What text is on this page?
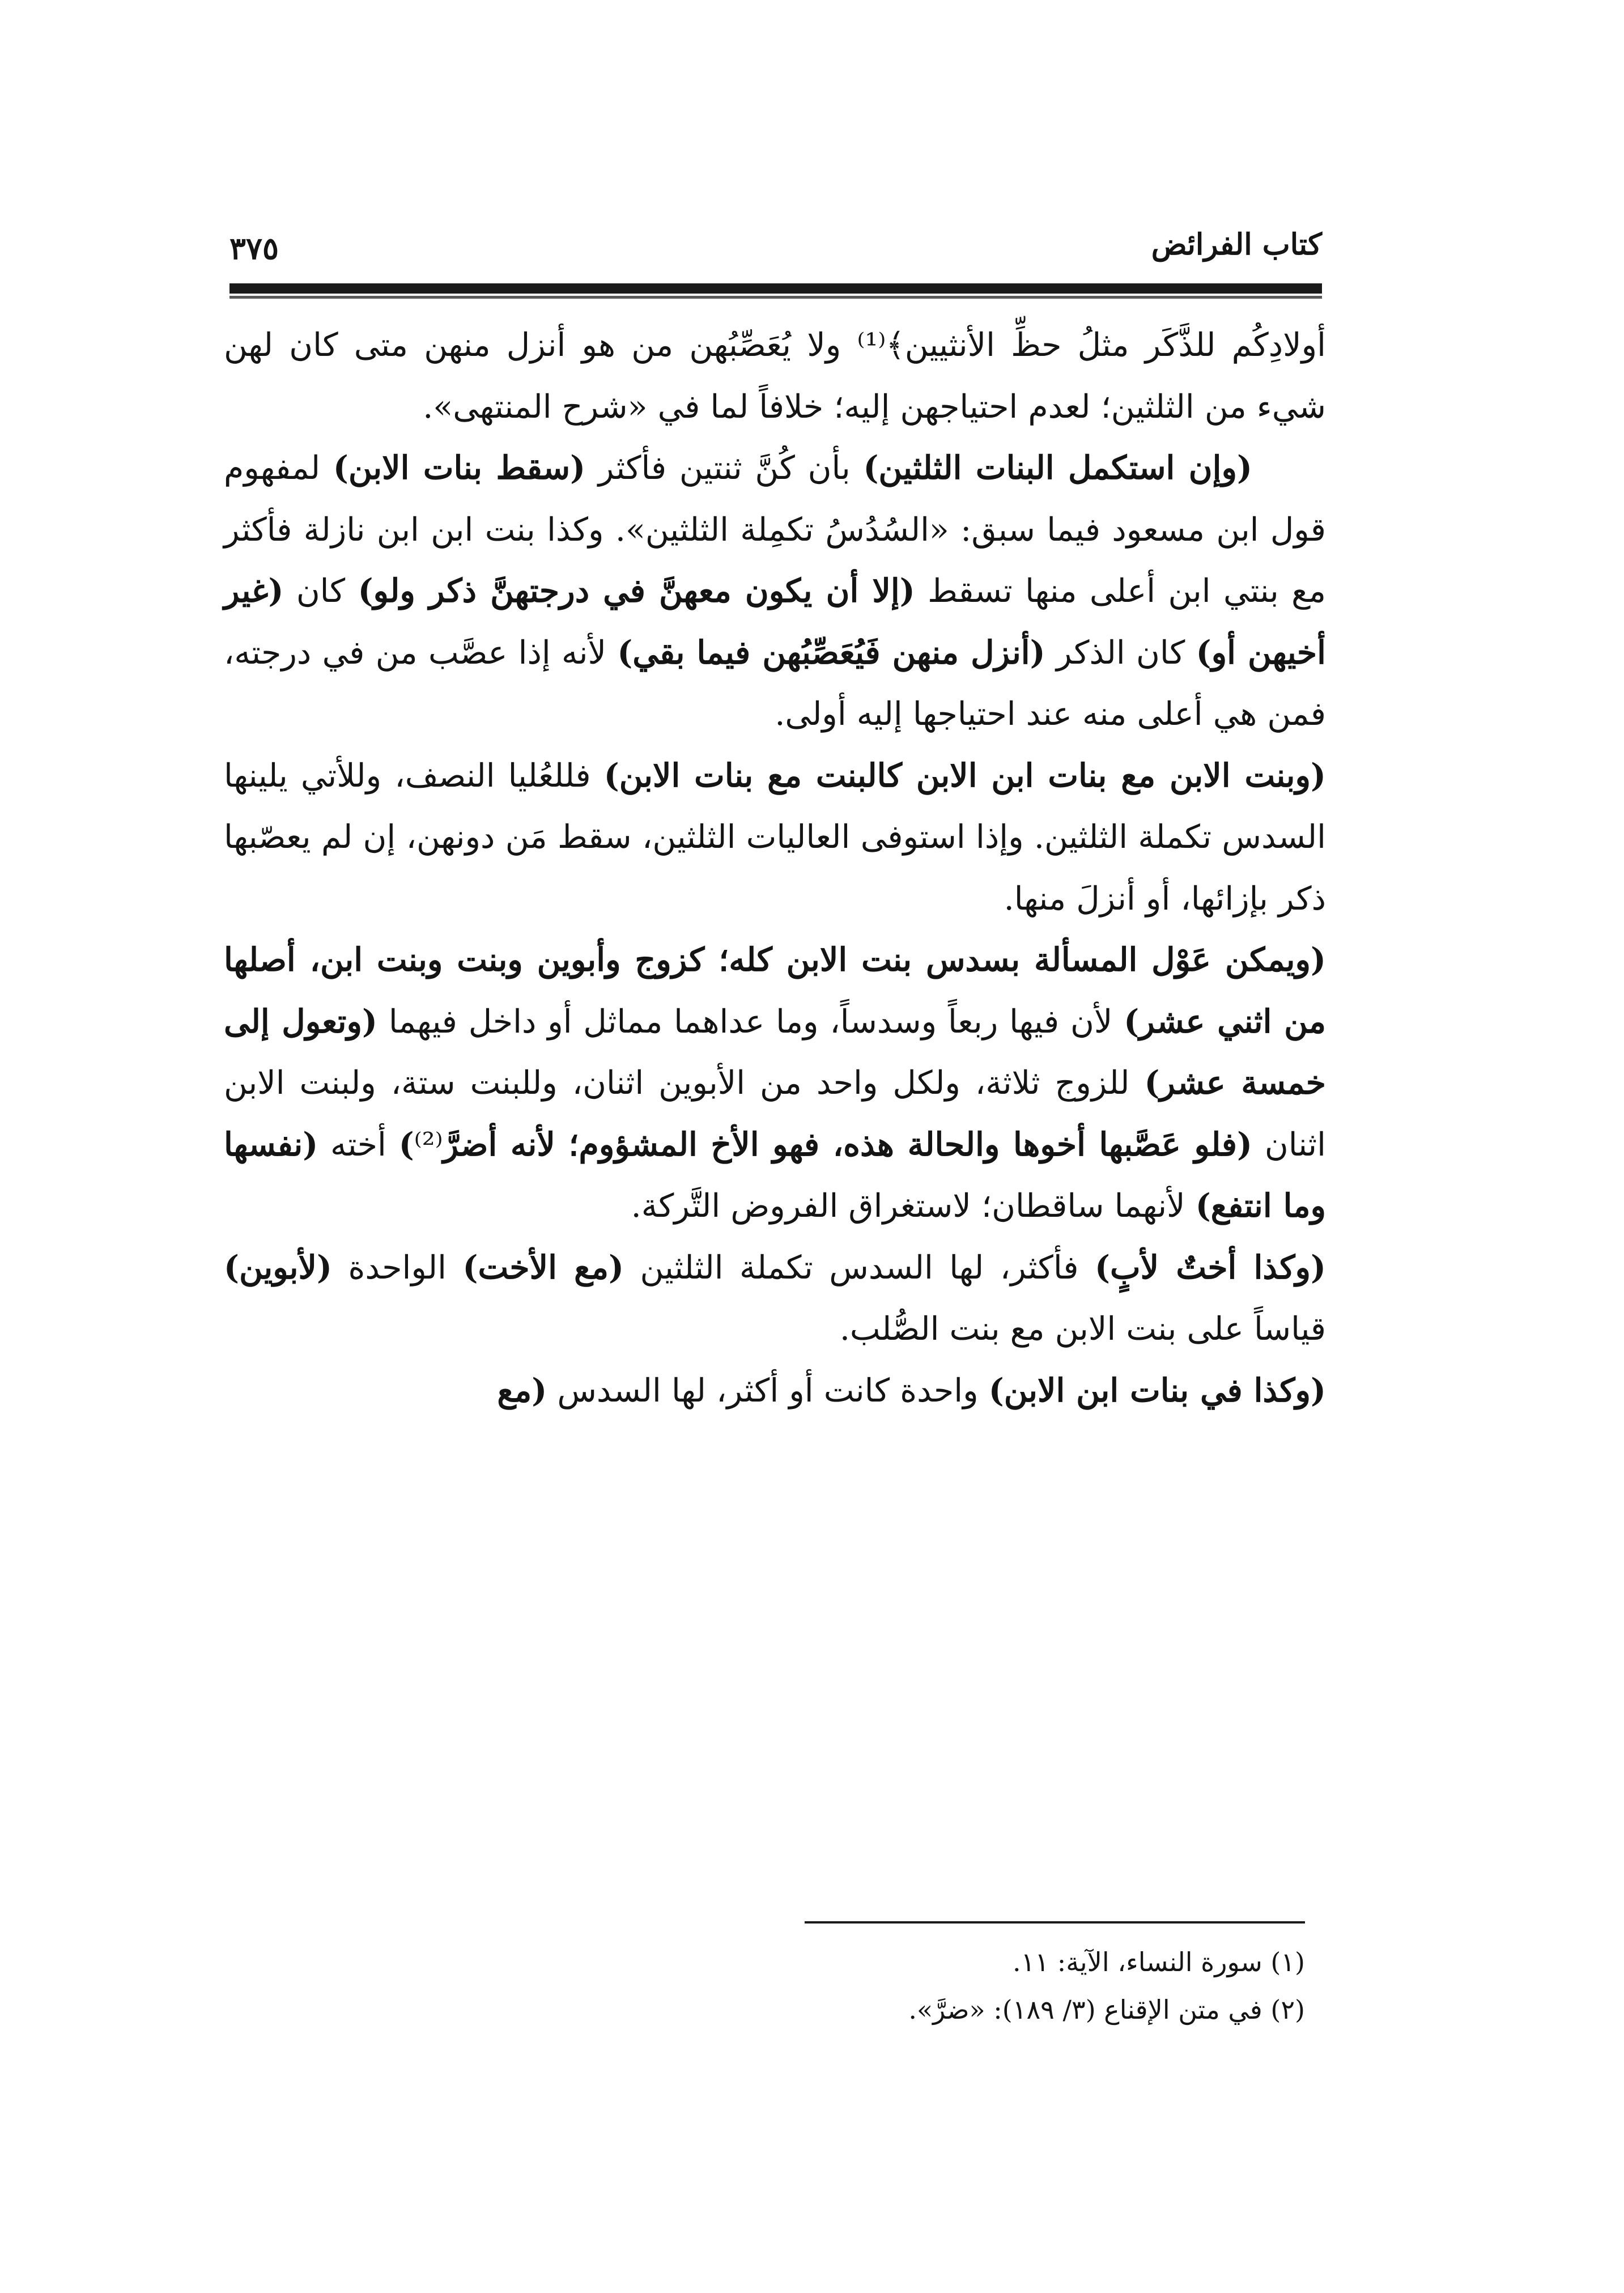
كتاب الفرائض
٣٧٥

أولادِكُم للذَّكَر مثلُ حظِّ الأنثيين﴾⁽¹⁾ ولا يُعَصِّبُهن من هو أنزل منهن متى كان لهن شيء من الثلثين؛ لعدم احتياجهن إليه؛ خلافاً لما في «شرح المنتهى».

(وإن استكمل البنات الثلثين) بأن كُنَّ ثنتين فأكثر (سقط بنات الابن) لمفهوم قول ابن مسعود فيما سبق: «السُدُسُ تكمِلة الثلثين». وكذا بنت ابن ابن نازلة فأكثر مع بنتي ابن أعلى منها تسقط (إلا أن يكون معهنَّ في درجتهنَّ ذكر ولو) كان (غير أخيهن أو) كان الذكر (أنزل منهن فَيُعَصِّبُهن فيما بقي) لأنه إذا عصَّب من في درجته، فمن هي أعلى منه عند احتياجها إليه أولى.

(وبنت الابن مع بنات ابن الابن كالبنت مع بنات الابن) فللعُليا النصف، وللأتي يلينها السدس تكملة الثلثين. وإذا استوفى العاليات الثلثين، سقط مَن دونهن، إن لم يعصّبها ذكر بإزائها، أو أنزلَ منها.

(ويمكن عَوْل المسألة بسدس بنت الابن كله؛ كزوج وأبوين وبنت وبنت ابن، أصلها من اثني عشر) لأن فيها ربعاً وسدساً، وما عداهما مماثل أو داخل فيهما (وتعول إلى خمسة عشر) للزوج ثلاثة، ولكل واحد من الأبوين اثنان، وللبنت ستة، ولبنت الابن اثنان (فلو عَصَّبها أخوها والحالة هذه، فهو الأخ المشؤوم؛ لأنه أضرَّ⁽²⁾) أخته (نفسها وما انتفع) لأنهما ساقطان؛ لاستغراق الفروض التَّركة.

(وكذا أختٌ لأبٍ) فأكثر، لها السدس تكملة الثلثين (مع الأخت) الواحدة (لأبوين) قياساً على بنت الابن مع بنت الصُّلب.

(وكذا في بنات ابن الابن) واحدة كانت أو أكثر، لها السدس (مع

(١) سورة النساء، الآية: ١١.

(٢) في متن الإقناع (٣/ ١٨٩): «ضرَّ».
